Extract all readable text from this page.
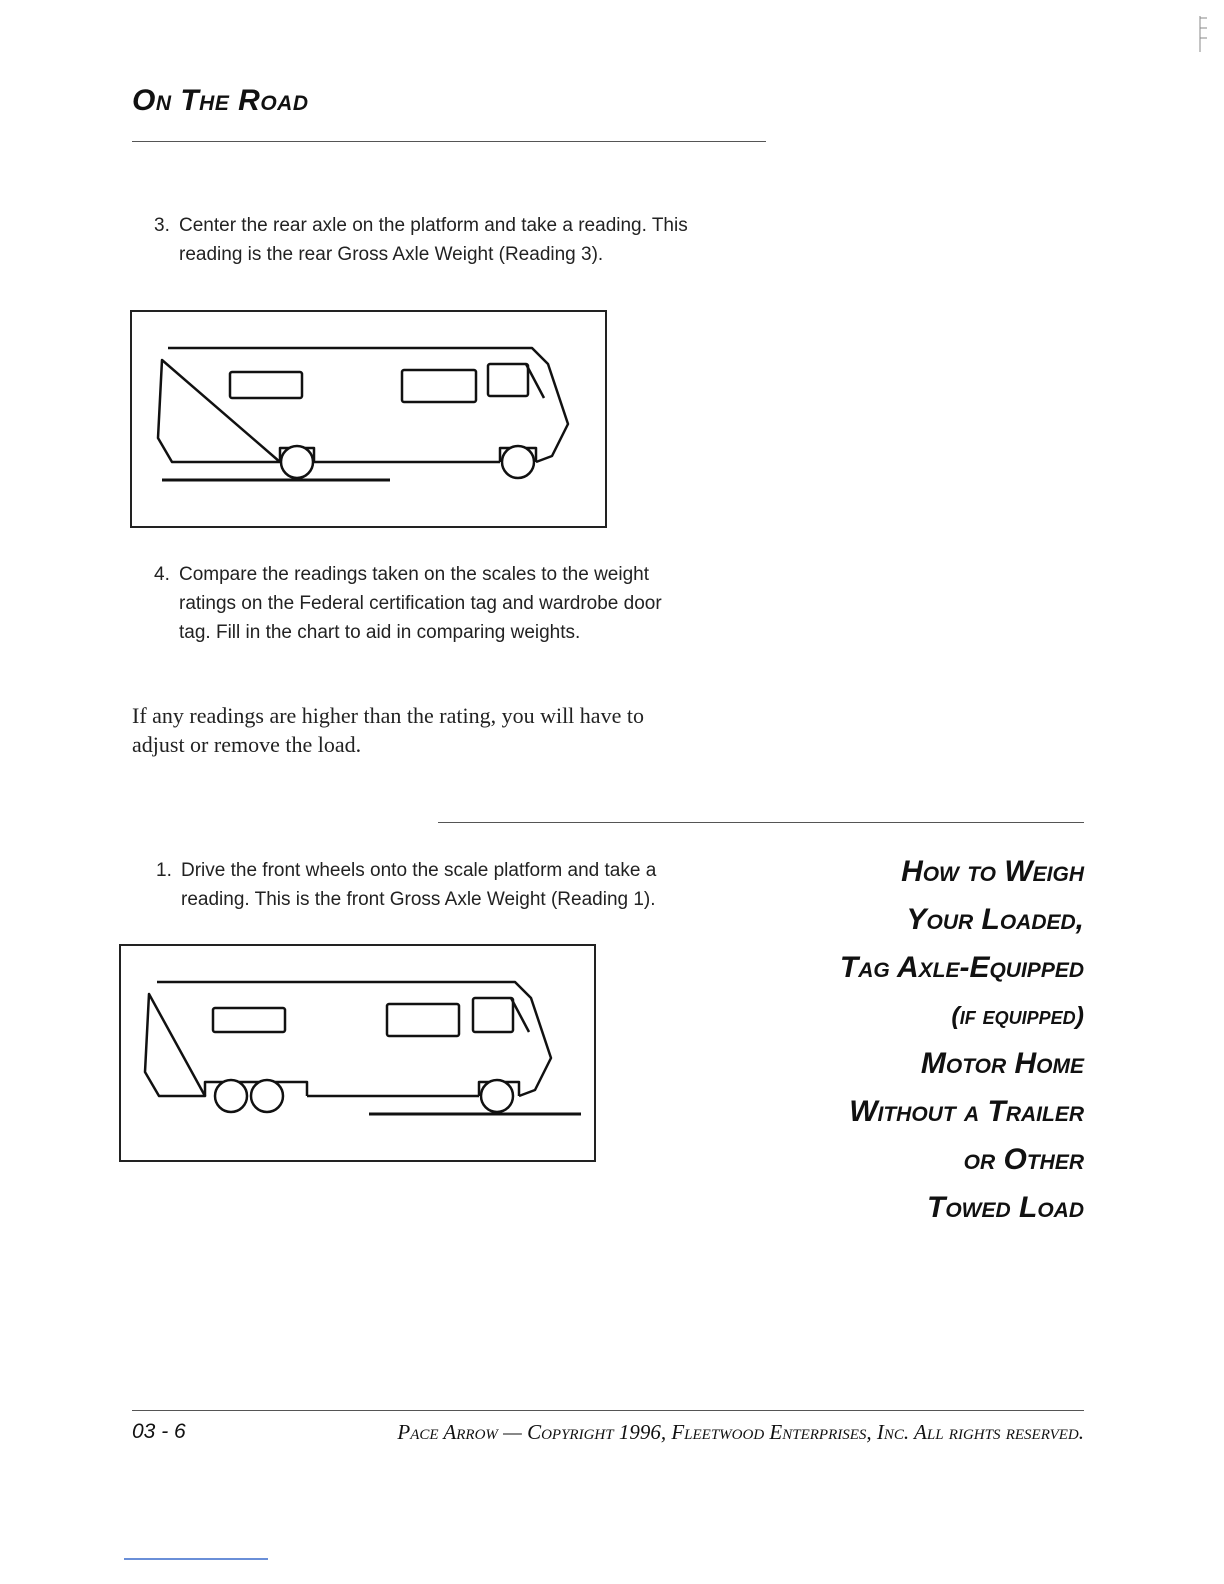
On The Road
3. Center the rear axle on the platform and take a reading. This
reading is the rear Gross Axle Weight (Reading 3).
4. Compare the readings taken on the scales to the weight
ratings on the Federal certification tag and wardrobe door
tag. Fill in the chart to aid in comparing weights.
If any readings are higher than the rating, you will have to
adjust or remove the load.
1. Drive the front wheels onto the scale platform and take a
reading. This is the front Gross Axle Weight (Reading 1).
How to Weigh
Your Loaded,
Tag Axle-Equipped
(if equipped)
Motor Home
Without a Trailer
or Other
Towed Load
03 - 6	Pace Arrow — Copyright 1996, Fleetwood Enterprises, Inc. All rights reserved.
